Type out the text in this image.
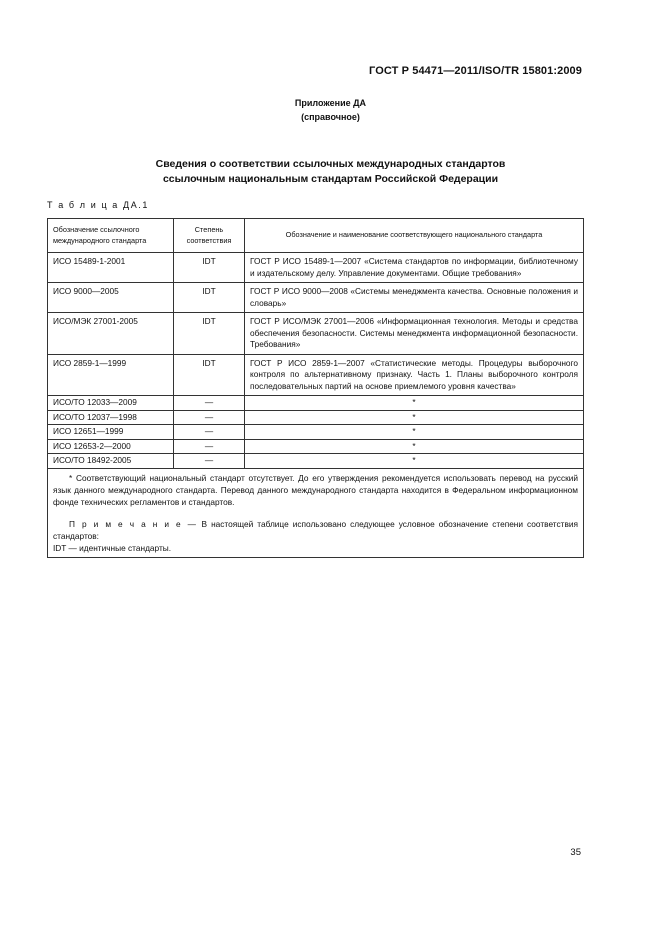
ГОСТ Р 54471—2011/ISO/TR 15801:2009
Приложение ДА
(справочное)
Сведения о соответствии ссылочных международных стандартов
ссылочным национальным стандартам Российской Федерации
Т а б л и ц а ДА.1
Обозначение ссылочного международного стандарта	Степень соответствия	Обозначение и наименование соответствующего национального стандарта
ИСО 15489-1-2001	IDT	ГОСТ Р ИСО 15489-1—2007 «Система стандартов по информации, библиотечному и издательскому делу. Управление документами. Общие требования»
ИСО 9000—2005	IDT	ГОСТ Р ИСО 9000—2008 «Системы менеджмента качества. Основные положения и словарь»
ИСО/МЭК 27001-2005	IDT	ГОСТ Р ИСО/МЭК 27001—2006 «Информационная технология. Методы и средства обеспечения безопасности. Системы менеджмента информационной безопасности. Требования»
ИСО 2859-1—1999	IDT	ГОСТ Р ИСО 2859-1—2007 «Статистические методы. Процедуры выборочного контроля по альтернативному признаку. Часть 1. Планы выборочного контроля последовательных партий на основе приемлемого уровня качества»
ИСО/ТО 12033—2009	—	*
ИСО/ТО 12037—1998	—	*
ИСО 12651—1999	—	*
ИСО 12653-2—2000	—	*
ИСО/ТО 18492-2005	—	*

* Соответствующий национальный стандарт отсутствует. До его утверждения рекомендуется использовать перевод на русский язык данного международного стандарта. Перевод данного международного стандарта находится в Федеральном информационном фонде технических регламентов и стандартов.

П р и м е ч а н и е — В настоящей таблице использовано следующее условное обозначение степени соответствия стандартов:

IDT — идентичные стандарты.		

35
